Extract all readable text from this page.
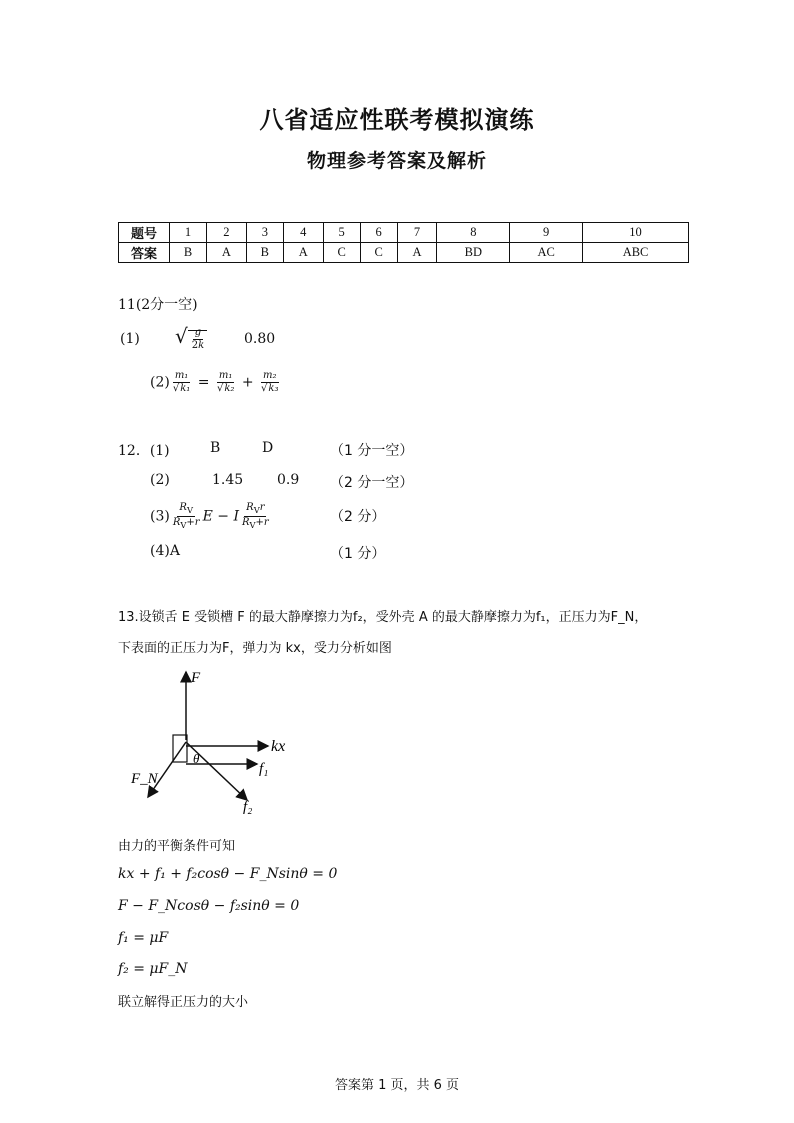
八省适应性联考模拟演练
物理参考答案及解析
题号	1	2	3	4	5	6	7	8	9	10
答案	B	A	B	A	C	C	A	BD	AC	ABC
11(2分一空)
(1) √ $\frac{g}{2k}$	0.80
$(2) \frac{\text{m₁}}{\text{√k₁}} = \frac{\text{m₁}}{\text{√k₂}} + \frac{\text{m₂}}{\text{√k₃}}$
12．(1)	B	D	（1 分一空）
(2)	1.45 0.9 （2 分一空）
$(3) \frac{R_V}{R_V+r}$ E − I $\frac{R_Vr}{R_V+r}$	（2 分）
(4)A	（1 分）
13.设锁舌 E 受锁槽 F 的最大静摩擦力为f₂，受外壳 A 的最大静摩擦力为f₁，正压力为F_N，
下表面的正压力为F，弹力为 kx，受力分析如图
F
kx
f₁
f₂
F_N
θ
由力的平衡条件可知
kx + f₁ + f₂cosθ − F_Nsinθ = 0
F − F_Ncosθ − f₂sinθ = 0
f₁ = μF
f₂ = μF_N
联立解得正压力的大小
答案第 1 页，共 6 页
